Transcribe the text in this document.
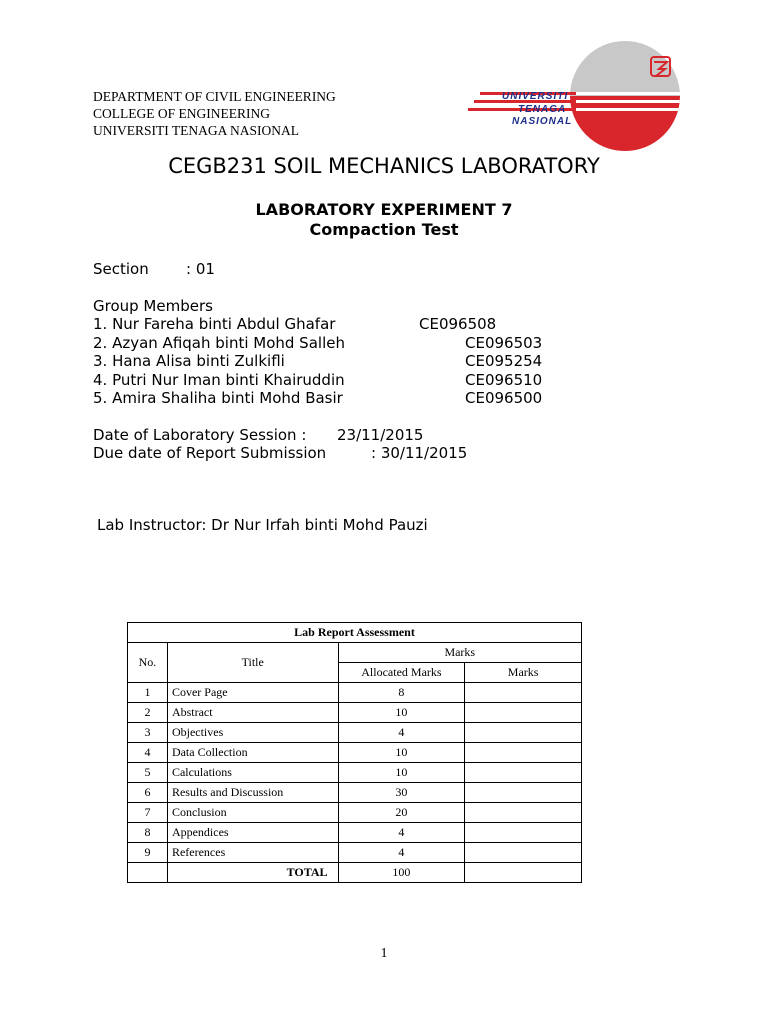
DEPARTMENT OF CIVIL ENGINEERING
COLLEGE OF ENGINEERING
UNIVERSITI TENAGA NASIONAL
UNIVERSITI
TENAGA
NASIONAL
CEGB231 SOIL MECHANICS LABORATORY
LABORATORY EXPERIMENT 7
Compaction Test
Section : 01
Group Members
1. Nur Fareha binti Abdul Ghafar	CE096508
2. Azyan Afiqah binti Mohd Salleh	CE096503
3. Hana Alisa binti Zulkifli	CE095254
4. Putri Nur Iman binti Khairuddin	CE096510
5. Amira Shaliha binti Mohd Basir	CE096500
Date of Laboratory Session : 23/11/2015
Due date of Report Submission	: 30/11/2015
Lab Instructor: Dr Nur Irfah binti Mohd Pauzi
Lab Report Assessment			
No.	Title	Marks	
		Allocated Marks	Marks
1	Cover Page	8	
2	Abstract	10	
3	Objectives	4	
4	Data Collection	10	
5	Calculations	10	
6	Results and Discussion	30	
7	Conclusion	20	
8	Appendices	4	
9	References	4	
	TOTAL	100	
1
